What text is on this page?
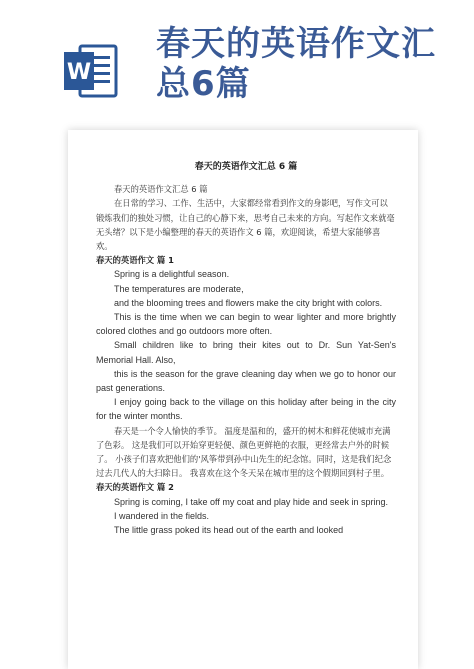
W
春天的英语作文汇总6篇
春天的英语作文汇总 6 篇

春天的英语作文汇总 6 篇

在日常的学习、工作、生活中，大家都经常看到作文的身影吧，写作文可以锻炼我们的独处习惯，让自己的心静下来，思考自己未来的方向。写起作文来就毫无头绪？以下是小编整理的春天的英语作文 6 篇，欢迎阅读，希望大家能够喜欢。

春天的英语作文 篇 1

Spring is a delightful season.

The temperatures are moderate,

and the blooming trees and flowers make the city bright with colors.

This is the time when we can begin to wear lighter and more brightly colored clothes and go outdoors more often.

Small children like to bring their kites out to Dr. Sun Yat-Sen's Memorial Hall. Also,

this is the season for the grave cleaning day when we go to honor our past generations.

I enjoy going back to the village on this holiday after being in the city for the winter months.

春天是一个令人愉快的季节。 温度是温和的，盛开的树木和鲜花使城市充满了色彩。 这是我们可以开始穿更轻便、颜色更鲜艳的衣服，更经常去户外的时候了。 小孩子们喜欢把他们的'风筝带到孙中山先生的纪念馆。同时，这是我们纪念过去几代人的大扫除日。 我喜欢在这个冬天呆在城市里的这个假期回到村子里。

春天的英语作文 篇 2

Spring is coming, I take off my coat and play hide and seek in spring.

I wandered in the fields.

The little grass poked its head out of the earth and looked
